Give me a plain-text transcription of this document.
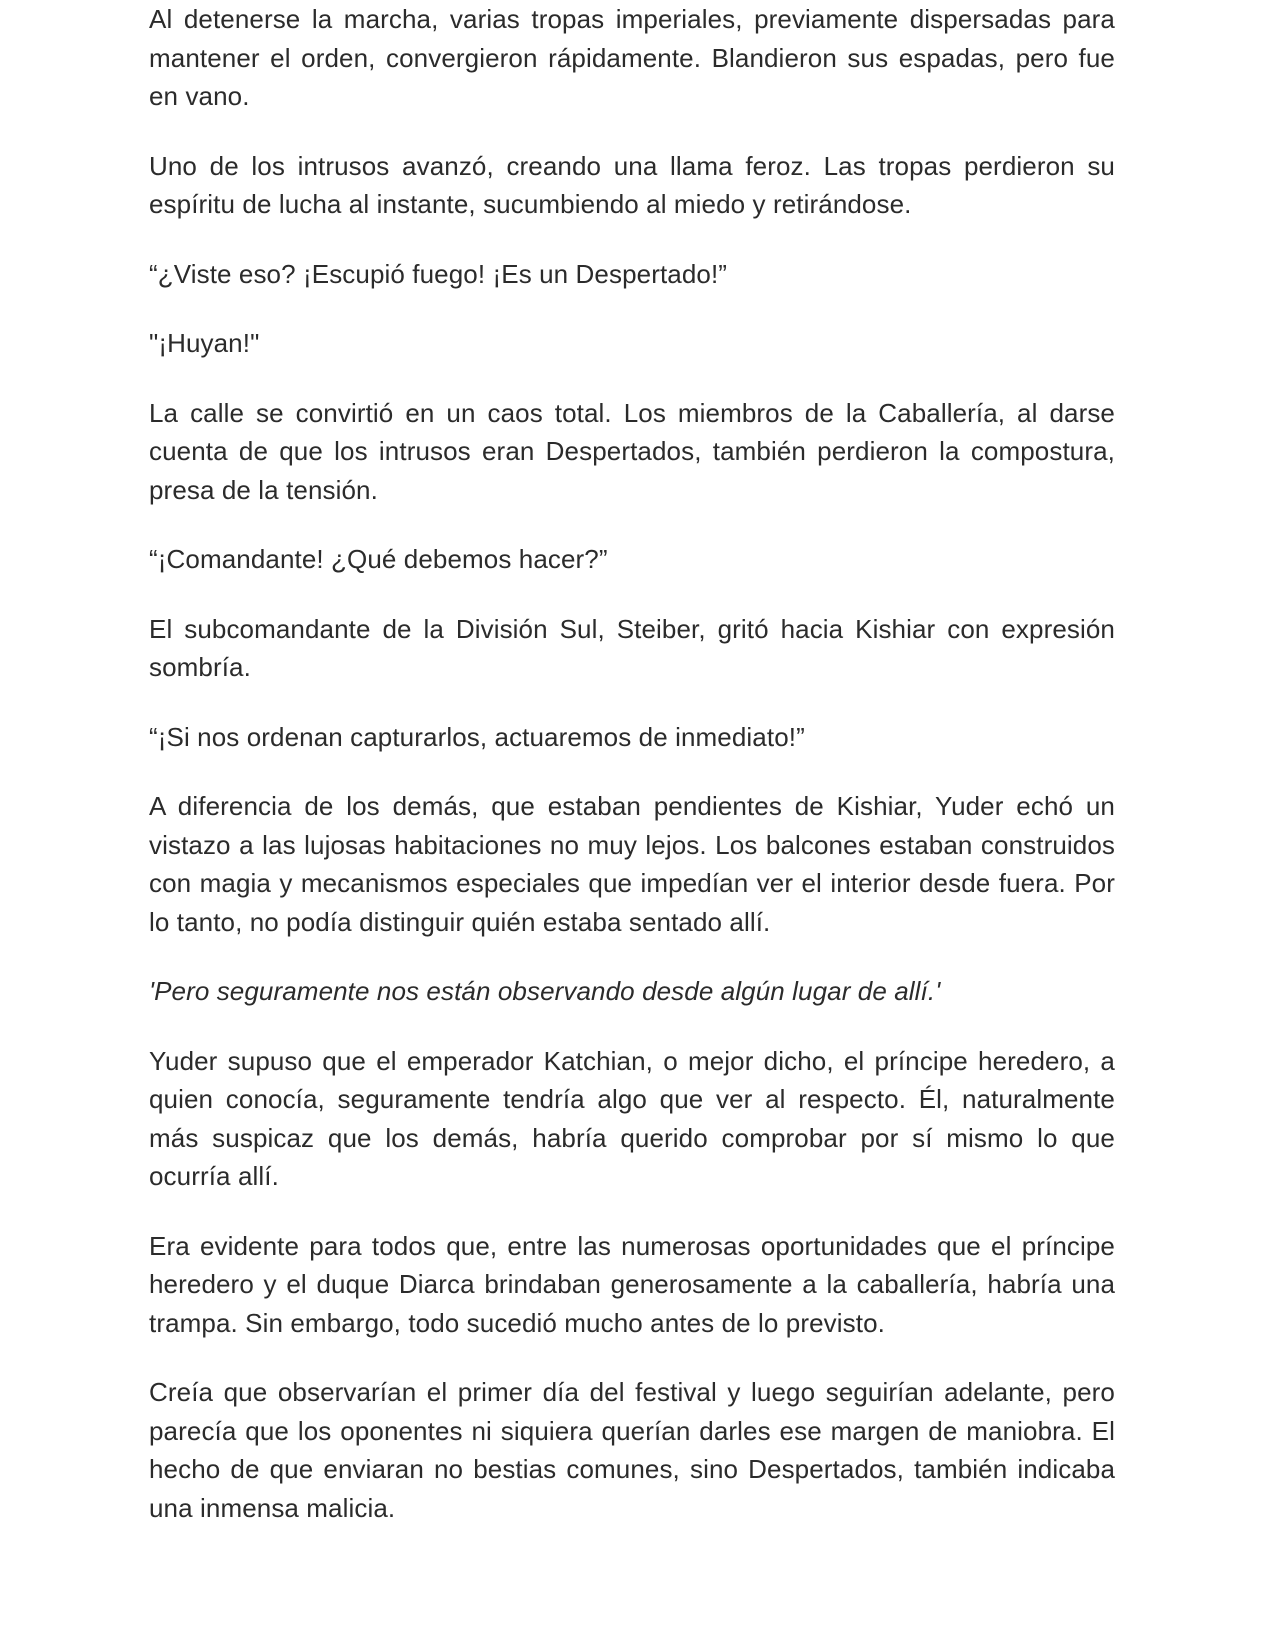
Al detenerse la marcha, varias tropas imperiales, previamente dispersadas para mantener el orden, convergieron rápidamente. Blandieron sus espadas, pero fue en vano.

Uno de los intrusos avanzó, creando una llama feroz. Las tropas perdieron su espíritu de lucha al instante, sucumbiendo al miedo y retirándose.

“¿Viste eso? ¡Escupió fuego! ¡Es un Despertado!”

"¡Huyan!"

La calle se convirtió en un caos total. Los miembros de la Caballería, al darse cuenta de que los intrusos eran Despertados, también perdieron la compostura, presa de la tensión.

“¡Comandante! ¿Qué debemos hacer?”

El subcomandante de la División Sul, Steiber, gritó hacia Kishiar con expresión sombría.

“¡Si nos ordenan capturarlos, actuaremos de inmediato!”

A diferencia de los demás, que estaban pendientes de Kishiar, Yuder echó un vistazo a las lujosas habitaciones no muy lejos. Los balcones estaban construidos con magia y mecanismos especiales que impedían ver el interior desde fuera. Por lo tanto, no podía distinguir quién estaba sentado allí.

'Pero seguramente nos están observando desde algún lugar de allí.'

Yuder supuso que el emperador Katchian, o mejor dicho, el príncipe heredero, a quien conocía, seguramente tendría algo que ver al respecto. Él, naturalmente más suspicaz que los demás, habría querido comprobar por sí mismo lo que ocurría allí.

Era evidente para todos que, entre las numerosas oportunidades que el príncipe heredero y el duque Diarca brindaban generosamente a la caballería, habría una trampa. Sin embargo, todo sucedió mucho antes de lo previsto.

Creía que observarían el primer día del festival y luego seguirían adelante, pero parecía que los oponentes ni siquiera querían darles ese margen de maniobra. El hecho de que enviaran no bestias comunes, sino Despertados, también indicaba una inmensa malicia.
